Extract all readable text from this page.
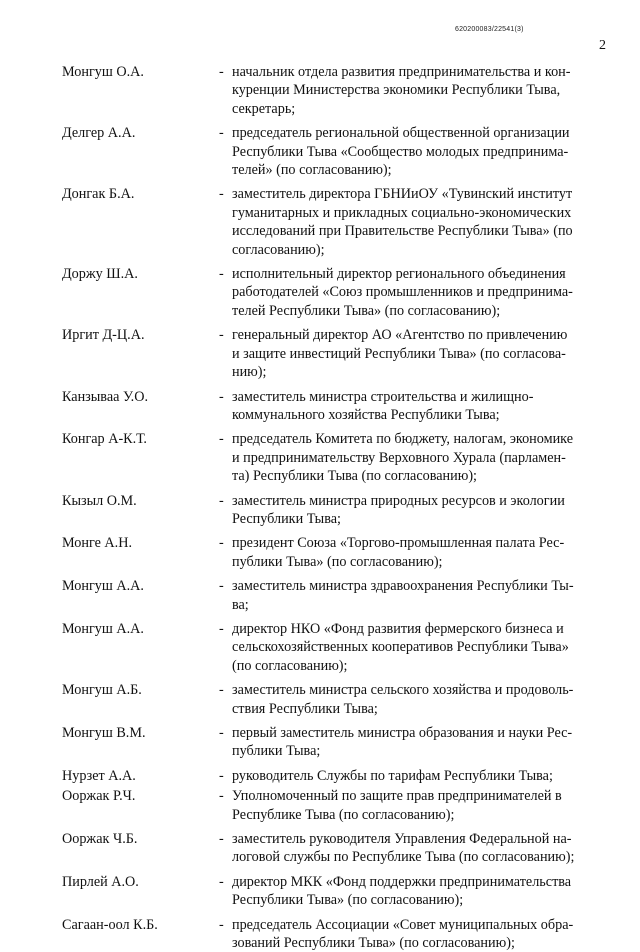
620200083/22541(3)
2
Монгуш О.А.	- начальник отдела развития предпринимательства и кон-
куренции Министерства экономики Республики Тыва,
секретарь;
Делгер А.А.	- председатель региональной общественной организации
Республики Тыва «Сообщество молодых предпринима-
телей» (по согласованию);
Донгак Б.А.	- заместитель директора ГБНИиОУ «Тувинский институт
гуманитарных и прикладных социально-экономических
исследований при Правительстве Республики Тыва» (по
согласованию);
Доржу Ш.А.	- исполнительный директор регионального объединения
работодателей «Союз промышленников и предпринима-
телей Республики Тыва» (по согласованию);
Иргит Д-Ц.А.	- генеральный директор АО «Агентство по привлечению
и защите инвестиций Республики Тыва» (по согласова-
нию);
Канзываа У.О.	- заместитель министра строительства и жилищно-
коммунального хозяйства Республики Тыва;
Конгар А-К.Т.	- председатель Комитета по бюджету, налогам, экономике
и предпринимательству Верховного Хурала (парламен-
та) Республики Тыва (по согласованию);
Кызыл О.М.	- заместитель министра природных ресурсов и экологии
Республики Тыва;
Монге А.Н.	- президент Союза «Торгово-промышленная палата Рес-
публики Тыва» (по согласованию);
Монгуш А.А.	- заместитель министра здравоохранения Республики Ты-
ва;
Монгуш А.А.	- директор НКО «Фонд развития фермерского бизнеса и
сельскохозяйственных кооперативов Республики Тыва»
(по согласованию);
Монгуш А.Б.	- заместитель министра сельского хозяйства и продоволь-
ствия Республики Тыва;
Монгуш В.М.	- первый заместитель министра образования и науки Рес-
публики Тыва;
Нурзет А.А.	- руководитель Службы по тарифам Республики Тыва;
Ооржак Р.Ч.	- Уполномоченный по защите прав предпринимателей в
Республике Тыва (по согласованию);
Ооржак Ч.Б.	- заместитель руководителя Управления Федеральной на-
логовой службы по Республике Тыва (по согласованию);
Пирлей А.О.	- директор МКК «Фонд поддержки предпринимательства
Республики Тыва» (по согласованию);
Сагаан-оол К.Б.	- председатель Ассоциации «Совет муниципальных обра-
зований Республики Тыва» (по согласованию);
